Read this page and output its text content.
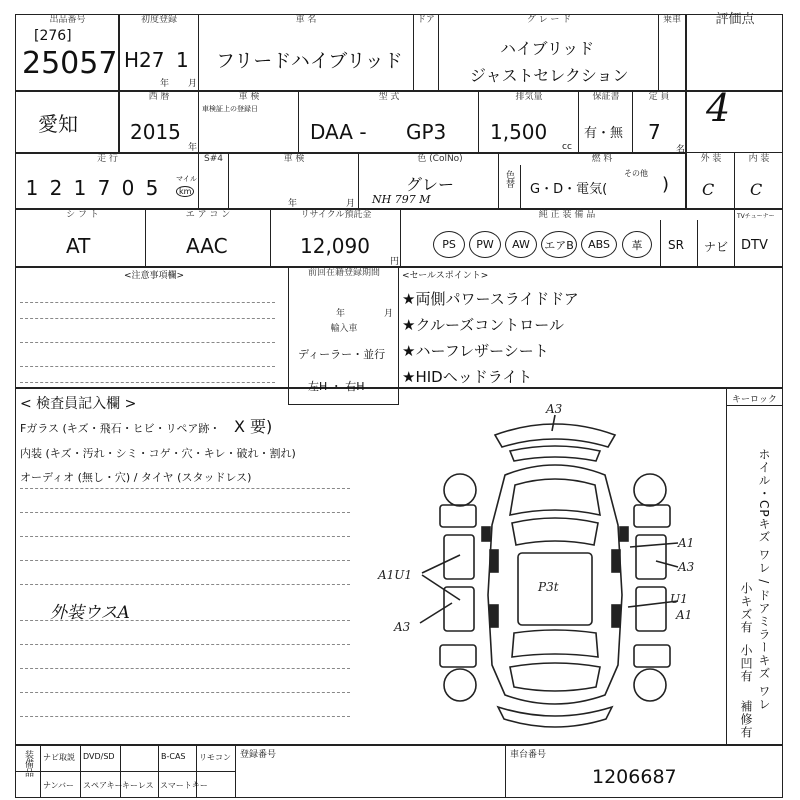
出品番号
[276]
25057
初度登録
H27 1
年 月
車 名
フリードハイブリッド
ドア	グ レ ー ド
ハイブリッド
ジャストセレクション
乗車	評価点
4
愛知
西 暦
2015
年
車 検
車検証上の登録日
型 式
DAA - GP3
排気量
1,500
cc
保証書
有・無
定 員
7
名
走 行
1 2 1 7 0 5	マイル
km
S#4	車 検
年	月
色 (ColNo)
グレー
NH 797 M
色替
燃 料
G・D・電気(
その他
)
外 装
C
内 装
C
シ フ ト
AT
エ ア コ ン
AAC
リサイクル預託金
12,090
円
純 正 装 備 品
PS	PW	AW	エアB	ABS	革	SR ナビ
TVチューナー
DTV
<注意事項欄>	前回在籍登録期間
年	月
輸入車
ディーラー・並行
左H ・ 右H
<セールスポイント>
★両側パワースライドドア
★クルーズコントロール
★ハーフレザーシート
★HIDヘッドライト
< 検査員記入欄 >
Fガラス (キズ・飛石・ヒビ・リペア跡・ X 要)
内装 (キズ・汚れ・シミ・コゲ・穴・キレ・破れ・割れ)
オーディオ (無し・穴) / タイヤ (スタッドレス)
外装ウスA
キーロック
ホイル・CPキズ ワレ / ドアミラーキズ ワレ
小キズ有
小凹有
補修有
A3
A1U1
A3
A1
A3
U1
A1
P3t
装備品 ナビ取説 DVD/SD	B-CAS リモコン
ナンバー スペアキー キーレス スマートキー
登録番号	車台番号
1206687
